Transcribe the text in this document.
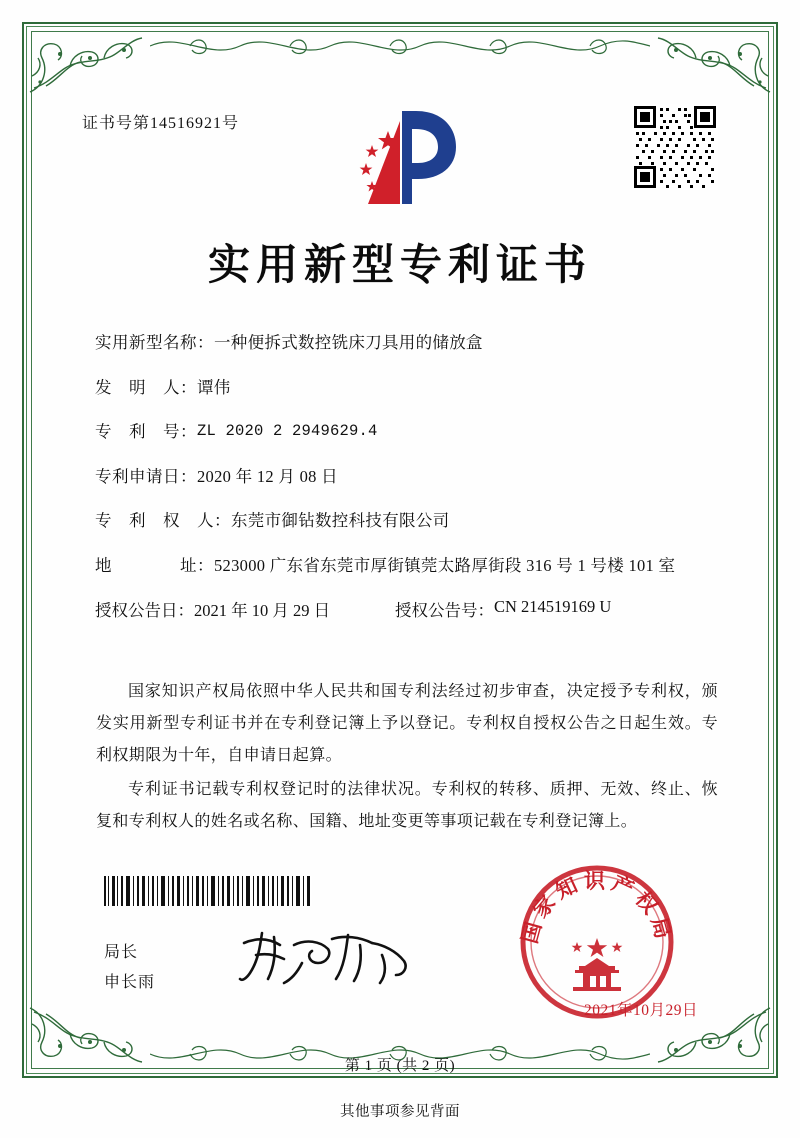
证书号第14516921号
实用新型专利证书
实用新型名称： 一种便拆式数控铣床刀具用的储放盒
发　明　人： 谭伟
专　利　号： ZL 2020 2 2949629.4
专利申请日： 2020 年 12 月 08 日
专　利　权　人： 东莞市御钻数控科技有限公司
地　　　　址： 523000 广东省东莞市厚街镇莞太路厚街段 316 号 1 号楼 101 室
授权公告日： 2021 年 10 月 29 日	授权公告号： CN 214519169 U

国家知识产权局依照中华人民共和国专利法经过初步审查，决定授予专利权，颁发实用新型专利证书并在专利登记簿上予以登记。专利权自授权公告之日起生效。专利权期限为十年，自申请日起算。

专利证书记载专利权登记时的法律状况。专利权的转移、质押、无效、终止、恢复和专利权人的姓名或名称、国籍、地址变更等事项记载在专利登记簿上。

局长
申长雨
国家知识产权局
2021年10月29日
第 1 页 (共 2 页)
其他事项参见背面
